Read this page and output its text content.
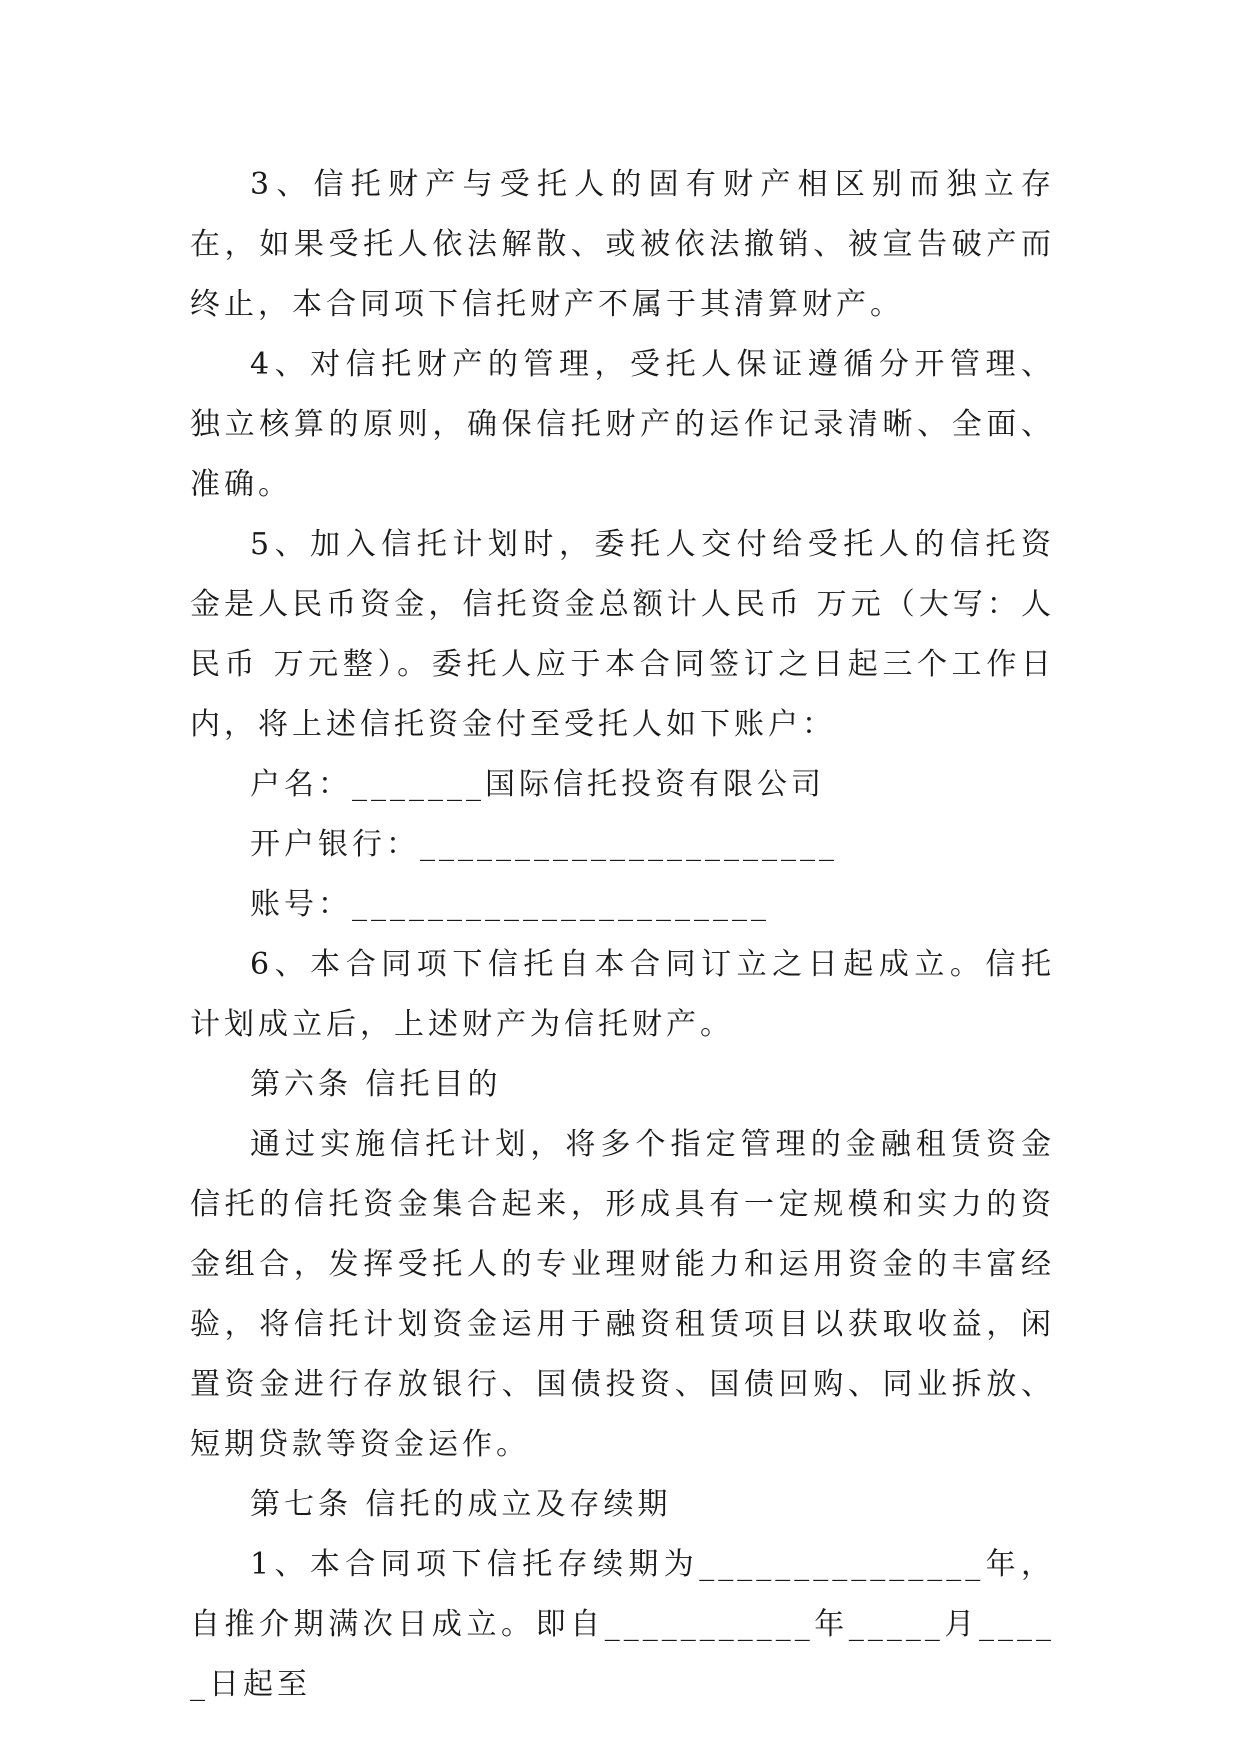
3、信托财产与受托人的固有财产相区别而独立存在，如果受托人依法解散、或被依法撤销、被宣告破产而终止，本合同项下信托财产不属于其清算财产。

4、对信托财产的管理，受托人保证遵循分开管理、独立核算的原则，确保信托财产的运作记录清晰、全面、准确。

5、加入信托计划时，委托人交付给受托人的信托资金是人民币资金，信托资金总额计人民币 万元（大写：人民币 万元整）。委托人应于本合同签订之日起三个工作日内，将上述信托资金付至受托人如下账户：

户名：_______国际信托投资有限公司

开户银行：______________________

账号：______________________

6、本合同项下信托自本合同订立之日起成立。信托计划成立后，上述财产为信托财产。

第六条 信托目的

通过实施信托计划，将多个指定管理的金融租赁资金信托的信托资金集合起来，形成具有一定规模和实力的资金组合，发挥受托人的专业理财能力和运用资金的丰富经验，将信托计划资金运用于融资租赁项目以获取收益，闲置资金进行存放银行、国债投资、国债回购、同业拆放、短期贷款等资金运作。

第七条 信托的成立及存续期

1、本合同项下信托存续期为_______________年，自推介期满次日成立。即自___________年_____月_____日起至
